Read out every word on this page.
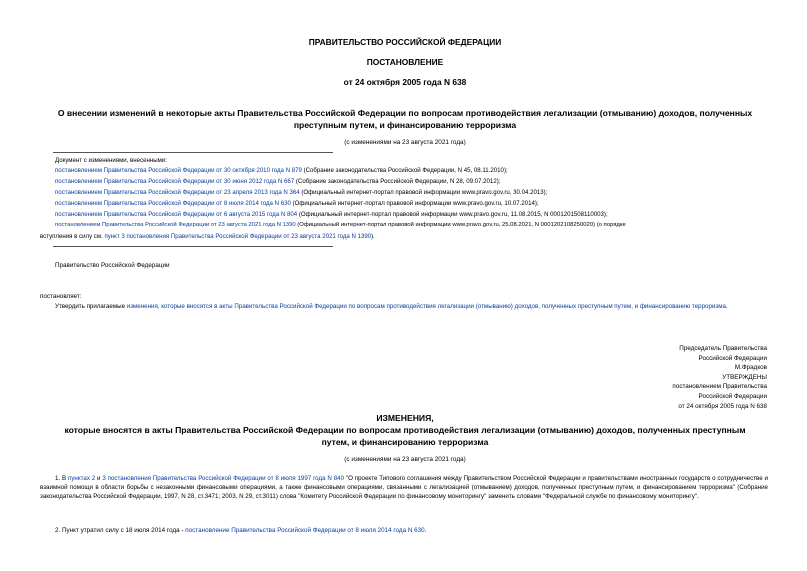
ПРАВИТЕЛЬСТВО РОССИЙСКОЙ ФЕДЕРАЦИИ
ПОСТАНОВЛЕНИЕ
от 24 октября 2005 года N 638
О внесении изменений в некоторые акты Правительства Российской Федерации по вопросам противодействия легализации (отмыванию) доходов, полученных
преступным путем, и финансированию терроризма
(с изменениями на 23 августа 2021 года)
Документ с изменениями, внесенными:
постановлением Правительства Российской Федерации от 30 октября 2010 года N 879 (Собрание законодательства Российской Федерации, N 45, 08.11.2010);
постановлением Правительства Российской Федерации от 30 июня 2012 года N 667 (Собрание законодательства Российской Федерации, N 28, 09.07.2012);
постановлением Правительства Российской Федерации от 23 апреля 2013 года N 364 (Официальный интернет-портал правовой информации www.pravo.gov.ru, 30.04.2013);
постановлением Правительства Российской Федерации от 8 июля 2014 года N 630 (Официальный интернет-портал правовой информации www.pravo.gov.ru, 10.07.2014);
постановлением Правительства Российской Федерации от 6 августа 2015 года N 804 (Официальный интернет-портал правовой информации www.pravo.gov.ru, 11.08.2015, N 0001201508110003);
постановлением Правительства Российской Федерации от 23 августа 2021 года N 1390 (Официальный интернет-портал правовой информации www.pravo.gov.ru, 25.08.2021, N 0001202108250020) (о порядке
вступления в силу см. пункт 3 постановления Правительства Российской Федерации от 23 августа 2021 года N 1390).
Правительство Российской Федерации
постановляет:
Утвердить прилагаемые изменения, которые вносятся в акты Правительства Российской Федерации по вопросам противодействия легализации (отмыванию) доходов, полученных преступным путем, и финансированию терроризма.
Председатель Правительства
Российской Федерации
М.Фрадков
УТВЕРЖДЕНЫ
постановлением Правительства
Российской Федерации
от 24 октября 2005 года N 638
ИЗМЕНЕНИЯ,
которые вносятся в акты Правительства Российской Федерации по вопросам противодействия легализации (отмыванию) доходов, полученных преступным
путем, и финансированию терроризма
(с изменениями на 23 августа 2021 года)
1. В пунктах 2 и 3 постановления Правительства Российской Федерации от 8 июля 1997 года N 840 "О проекте Типового соглашения между Правительством Российской Федерации и правительствами иностранных государств о сотрудничестве и взаимной помощи в области борьбы с незаконными финансовыми операциями, а также финансовыми операциями, связанными с легализацией (отмыванием) доходов, полученных преступным путем, и финансированием терроризма" (Собрание законодательства Российской Федерации, 1997, N 28, ст.3471; 2003, N 29, ст.3011) слова "Комитету Российской Федерации по финансовому мониторингу" заменить словами "Федеральной службе по финансовому мониторингу".
2. Пункт утратил силу с 18 июля 2014 года - постановление Правительства Российской Федерации от 8 июля 2014 года N 630.
